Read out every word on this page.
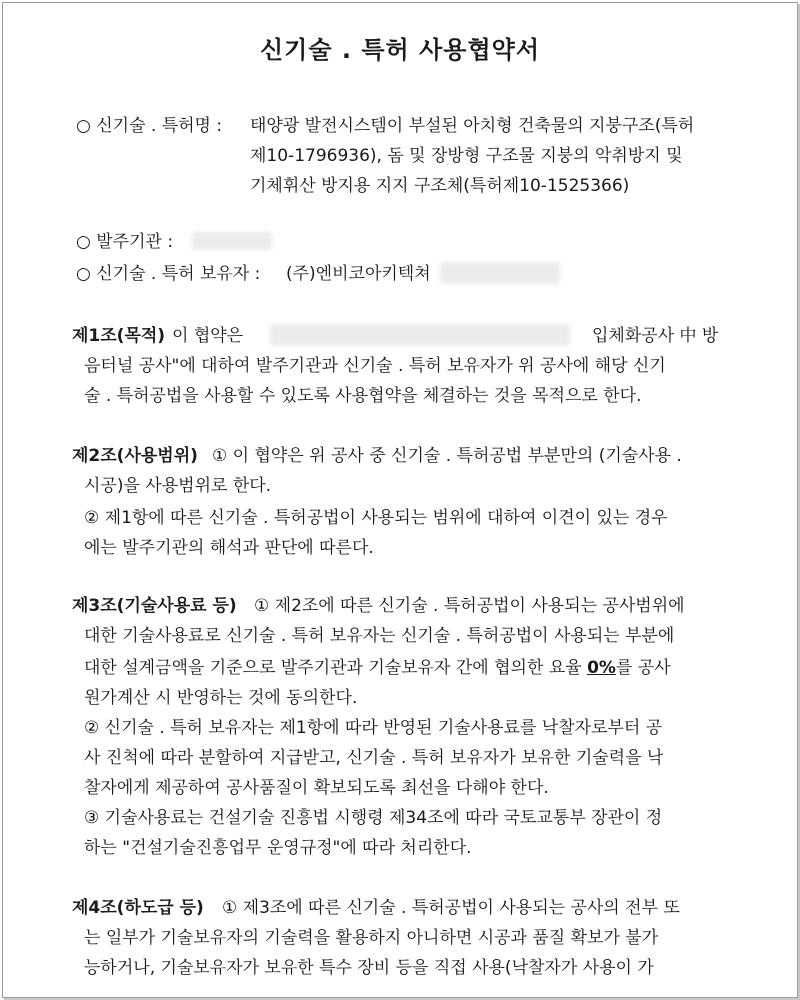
신기술 . 특허 사용협약서
○ 신기술 . 특허명 : 태양광 발전시스템이 부설된 아치형 건축물의 지붕구조(특허
제10-1796936), 돔 및 장방형 구조물 지붕의 악취방지 및
기체휘산 방지용 지지 구조체(특허제10-1525366)
○ 발주기관 :
○ 신기술 . 특허 보유자 : (주)엔비코아키텍쳐
제1조(목적) 이 협약은	입체화공사 中 방
음터널 공사"에 대하여 발주기관과 신기술 . 특허 보유자가 위 공사에 해당 신기
술 . 특허공법을 사용할 수 있도록 사용협약을 체결하는 것을 목적으로 한다.
제2조(사용범위) ① 이 협약은 위 공사 중 신기술 . 특허공법 부분만의 (기술사용 .
시공)을 사용범위로 한다.
② 제1항에 따른 신기술 . 특허공법이 사용되는 범위에 대하여 이견이 있는 경우
에는 발주기관의 해석과 판단에 따른다.
제3조(기술사용료 등) ① 제2조에 따른 신기술 . 특허공법이 사용되는 공사범위에
대한 기술사용료로 신기술 . 특허 보유자는 신기술 . 특허공법이 사용되는 부분에
대한 설계금액을 기준으로 발주기관과 기술보유자 간에 협의한 요율 0%를 공사
원가계산 시 반영하는 것에 동의한다.
② 신기술 . 특허 보유자는 제1항에 따라 반영된 기술사용료를 낙찰자로부터 공
사 진척에 따라 분할하여 지급받고, 신기술 . 특허 보유자가 보유한 기술력을 낙
찰자에게 제공하여 공사품질이 확보되도록 최선을 다해야 한다.
③ 기술사용료는 건설기술 진흥법 시행령 제34조에 따라 국토교통부 장관이 정
하는 "건설기술진흥업무 운영규정"에 따라 처리한다.
제4조(하도급 등) ① 제3조에 따른 신기술 . 특허공법이 사용되는 공사의 전부 또
는 일부가 기술보유자의 기술력을 활용하지 아니하면 시공과 품질 확보가 불가
능하거나, 기술보유자가 보유한 특수 장비 등을 직접 사용(낙찰자가 사용이 가
